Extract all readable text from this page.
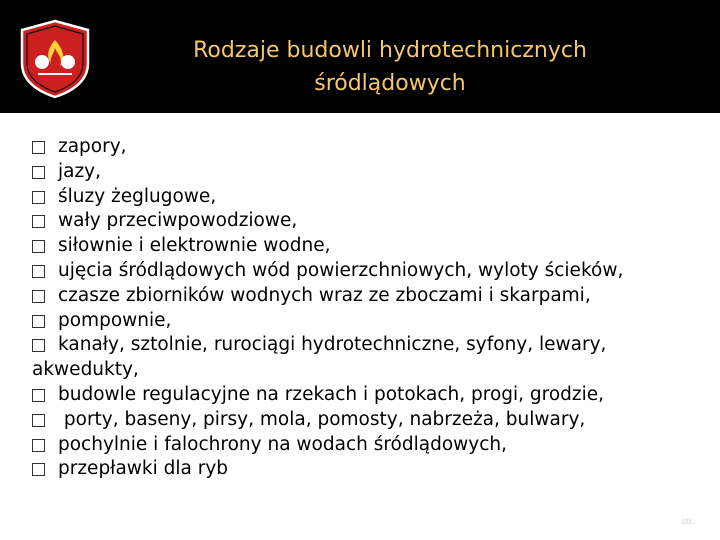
Rodzaje budowli hydrotechnicznych
śródlądowych
zapory,
jazy,
śluzy żeglugowe,
wały przeciwpowodziowe,
siłownie i elektrownie wodne,
ujęcia śródlądowych wód powierzchniowych, wyloty ścieków,
czasze zbiorników wodnych wraz ze zboczami i skarpami,
pompownie,
kanały, sztolnie, rurociągi hydrotechniczne, syfony, lewary,
akwedukty,
budowle regulacyjne na rzekach i potokach, progi, grodzie,
porty, baseny, pirsy, mola, pomosty, nabrzeża, bulwary,
pochylnie i falochrony na wodach śródlądowych,
przepławki dla ryb
str.5
